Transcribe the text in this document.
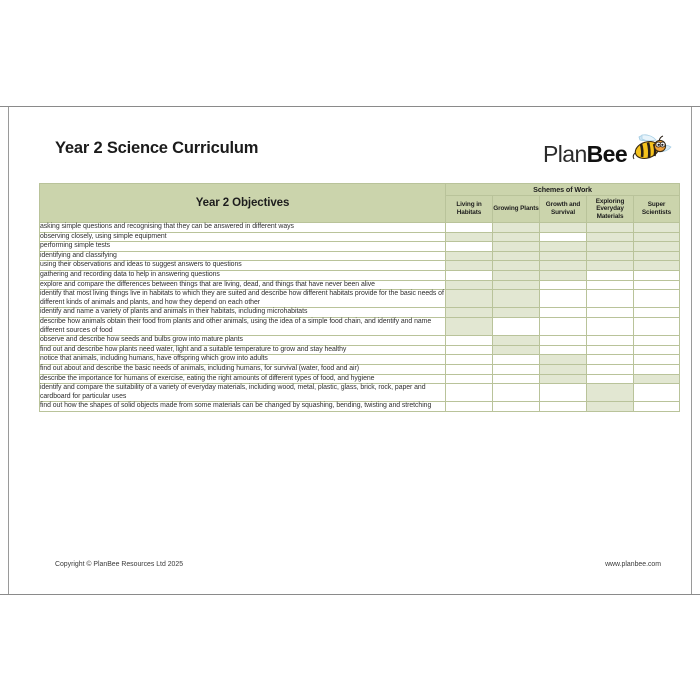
Year 2 Science Curriculum	PlanBee
Year 2 Objectives	Schemes of Work				
	Living in Habitats	Growing Plants	Growth and Survival	Exploring Everyday Materials	Super Scientists
asking simple questions and recognising that they can be answered in different ways					
observing closely, using simple equipment					
performing simple tests					
identifying and classifying					
using their observations and ideas to suggest answers to questions					
gathering and recording data to help in answering questions					
explore and compare the differences between things that are living, dead, and things that have never been alive					
identify that most living things live in habitats to which they are suited and describe how different habitats provide for the basic needs of different kinds of animals and plants, and how they depend on each other					
identify and name a variety of plants and animals in their habitats, including microhabitats					
describe how animals obtain their food from plants and other animals, using the idea of a simple food chain, and identify and name different sources of food					
observe and describe how seeds and bulbs grow into mature plants					
find out and describe how plants need water, light and a suitable temperature to grow and stay healthy					
notice that animals, including humans, have offspring which grow into adults					
find out about and describe the basic needs of animals, including humans, for survival (water, food and air)					
describe the importance for humans of exercise, eating the right amounts of different types of food, and hygiene					
identify and compare the suitability of a variety of everyday materials, including wood, metal, plastic, glass, brick, rock, paper and cardboard for particular uses					
find out how the shapes of solid objects made from some materials can be changed by squashing, bending, twisting and stretching					
Copyright © PlanBee Resources Ltd 2025	www.planbee.com
